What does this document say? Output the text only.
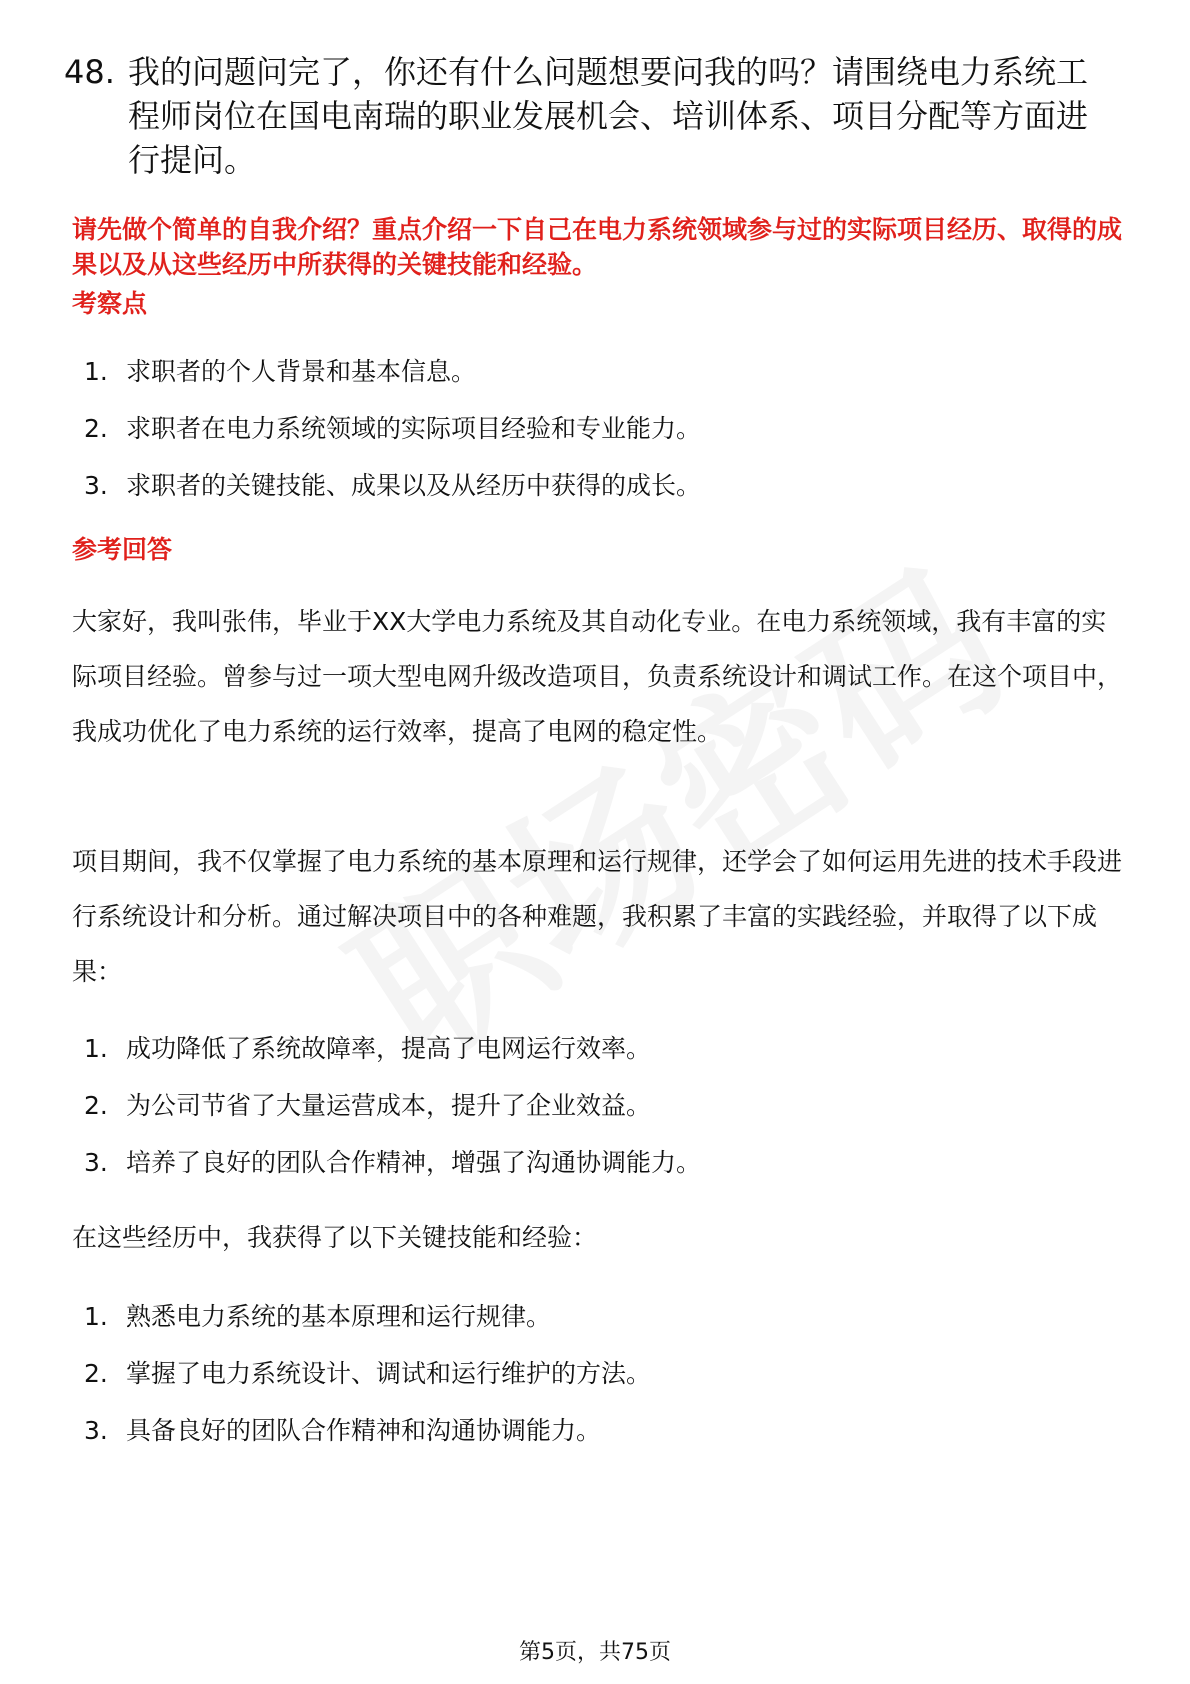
48. 我的问题问完了，你还有什么问题想要问我的吗？请围绕电力系统工程师岗位在国电南瑞的职业发展机会、培训体系、项目分配等方面进行提问。
请先做个简单的自我介绍？重点介绍一下自己在电力系统领域参与过的实际项目经历、取得的成果以及从这些经历中所获得的关键技能和经验。
考察点
1. 求职者的个人背景和基本信息。
2. 求职者在电力系统领域的实际项目经验和专业能力。
3. 求职者的关键技能、成果以及从经历中获得的成长。
参考回答

大家好，我叫张伟，毕业于XX大学电力系统及其自动化专业。在电力系统领域，我有丰富的实际项目经验。曾参与过一项大型电网升级改造项目，负责系统设计和调试工作。在这个项目中，我成功优化了电力系统的运行效率，提高了电网的稳定性。

项目期间，我不仅掌握了电力系统的基本原理和运行规律，还学会了如何运用先进的技术手段进行系统设计和分析。通过解决项目中的各种难题，我积累了丰富的实践经验，并取得了以下成果：

1. 成功降低了系统故障率，提高了电网运行效率。
2. 为公司节省了大量运营成本，提升了企业效益。
3. 培养了良好的团队合作精神，增强了沟通协调能力。

在这些经历中，我获得了以下关键技能和经验：

1. 熟悉电力系统的基本原理和运行规律。
2. 掌握了电力系统设计、调试和运行维护的方法。
3. 具备良好的团队合作精神和沟通协调能力。
第5页，共75页
